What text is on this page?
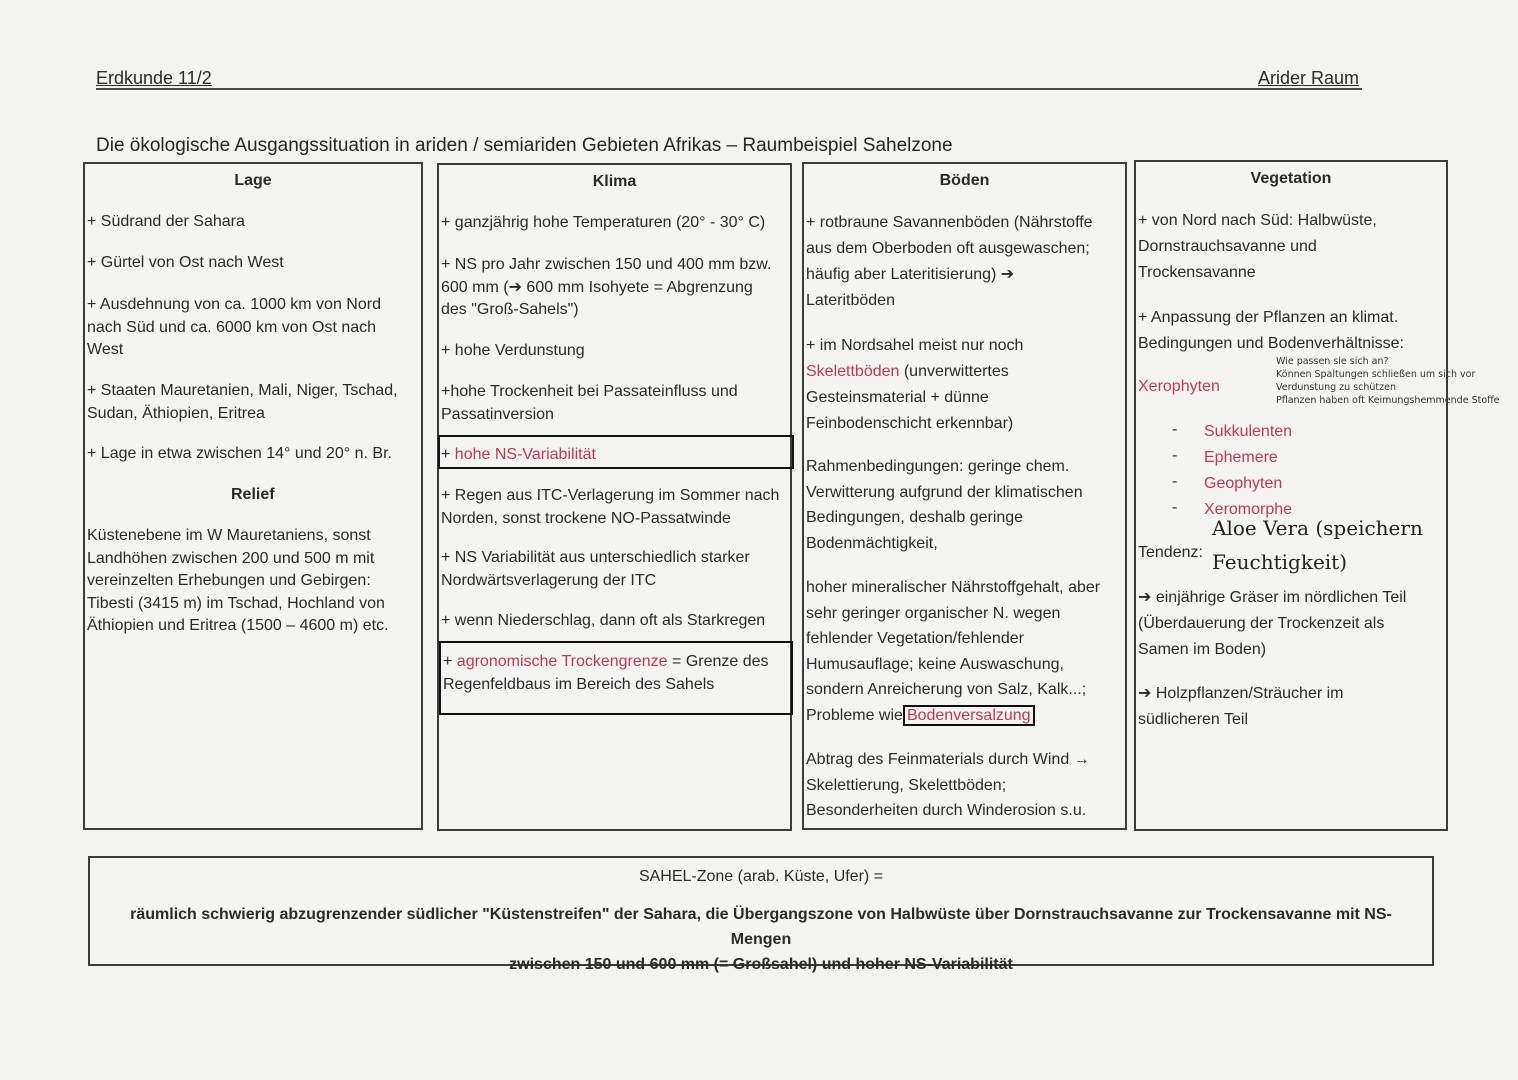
Erdkunde 11/2	Arider Raum
Die ökologische Ausgangssituation in ariden / semiariden Gebieten Afrikas – Raumbeispiel Sahelzone
Lage
+ Südrand der Sahara
+ Gürtel von Ost nach West
+ Ausdehnung von ca. 1000 km von Nord
nach Süd und ca. 6000 km von Ost nach
West
+ Staaten Mauretanien, Mali, Niger, Tschad,
Sudan, Äthiopien, Eritrea
+ Lage in etwa zwischen 14° und 20° n. Br.
Relief
Küstenebene im W Mauretaniens, sonst
Landhöhen zwischen 200 und 500 m mit
vereinzelten Erhebungen und Gebirgen:
Tibesti (3415 m) im Tschad, Hochland von
Äthiopien und Eritrea (1500 – 4600 m) etc.
Klima
+ ganzjährig hohe Temperaturen (20° - 30° C)
+ NS pro Jahr zwischen 150 und 400 mm bzw.
600 mm (➔ 600 mm Isohyete = Abgrenzung
des "Groß-Sahels")
+ hohe Verdunstung
+hohe Trockenheit bei Passateinfluss und
Passatinversion
+ hohe NS-Variabilität
+ Regen aus ITC-Verlagerung im Sommer nach
Norden, sonst trockene NO-Passatwinde
+ NS Variabilität aus unterschiedlich starker
Nordwärtsverlagerung der ITC
+ wenn Niederschlag, dann oft als Starkregen
+ agronomische Trockengrenze = Grenze des
Regenfeldbaus im Bereich des Sahels
Böden
+ rotbraune Savannenböden (Nährstoffe
aus dem Oberboden oft ausgewaschen;
häufig aber Lateritisierung) ➔
Lateritböden
+ im Nordsahel meist nur noch
Skelettböden (unverwittertes
Gesteinsmaterial + dünne
Feinbodenschicht erkennbar)
Rahmenbedingungen: geringe chem.
Verwitterung aufgrund der klimatischen
Bedingungen, deshalb geringe
Bodenmächtigkeit,
hoher mineralischer Nährstoffgehalt, aber
sehr geringer organischer N. wegen
fehlender Vegetation/fehlender
Humusauflage; keine Auswaschung,
sondern Anreicherung von Salz, Kalk...;
Probleme wie Bodenversalzung
Abtrag des Feinmaterials durch Wind →
Skelettierung, Skelettböden;
Besonderheiten durch Winderosion s.u.
Vegetation
+ von Nord nach Süd: Halbwüste,
Dornstrauchsavanne und
Trockensavanne
+ Anpassung der Pflanzen an klimat.
Bedingungen und Bodenverhältnisse:
Wie passen sie sich an?
Können Spaltungen schließen um sich vor
Verdunstung zu schützen
Pflanzen haben oft Keimungshemmende Stoffe
Xerophyten
-
-
-
-
Sukkulenten
Ephemere
Geophyten
Xeromorphe
Aloe Vera (speichern
Tendenz: Feuchtigkeit)
➔ einjährige Gräser im nördlichen Teil
(Überdauerung der Trockenzeit als
Samen im Boden)
➔ Holzpflanzen/Sträucher im
südlicheren Teil
SAHEL-Zone (arab. Küste, Ufer) =
räumlich schwierig abzugrenzender südlicher "Küstenstreifen" der Sahara, die Übergangszone von Halbwüste über Dornstrauchsavanne zur Trockensavanne mit NS-Mengen
zwischen 150 und 600 mm (= Großsahel) und hoher NS-Variabilität
